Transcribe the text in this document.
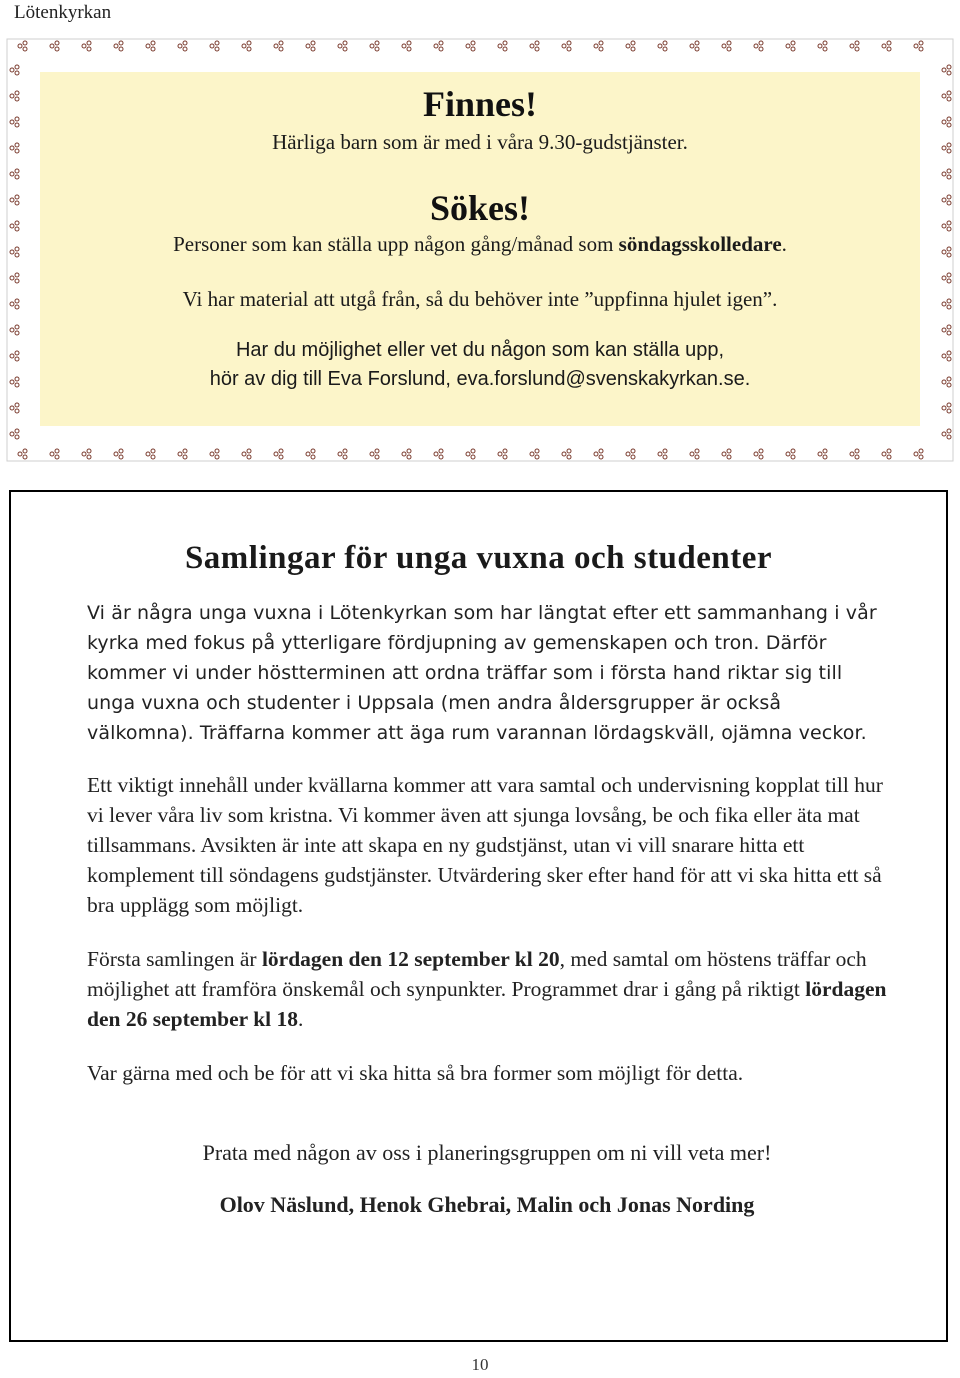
Lötenkyrkan

Finnes!

Härliga barn som är med i våra 9.30-gudstjänster.

Sökes!

Personer som kan ställa upp någon gång/månad som söndagsskolledare.

Vi har material att utgå från, så du behöver inte ”uppfinna hjulet igen”.

Har du möjlighet eller vet du någon som kan ställa upp,

hör av dig till Eva Forslund, eva.forslund@svenskakyrkan.se.

Samlingar för unga vuxna och studenter

Vi är några unga vuxna i Lötenkyrkan som har längtat efter ett sammanhang i vår kyrka med fokus på ytterligare fördjupning av gemenskapen och tron. Därför kommer vi under höstterminen att ordna träffar som i första hand riktar sig till unga vuxna och studenter i Uppsala (men andra åldersgrupper är också välkomna). Träffarna kommer att äga rum varannan lördagskväll, ojämna veckor.

Ett viktigt innehåll under kvällarna kommer att vara samtal och undervisning kopplat till hur vi lever våra liv som kristna. Vi kommer även att sjunga lovsång, be och fika eller äta mat tillsammans. Avsikten är inte att skapa en ny gudstjänst, utan vi vill snarare hitta ett komplement till söndagens gudstjänster. Utvärdering sker efter hand för att vi ska hitta ett så bra upplägg som möjligt.

Första samlingen är lördagen den 12 september kl 20, med samtal om höstens träffar och möjlighet att framföra önskemål och synpunkter. Programmet drar i gång på riktigt lördagen den 26 september kl 18.

Var gärna med och be för att vi ska hitta så bra former som möjligt för detta.

Prata med någon av oss i planeringsgruppen om ni vill veta mer!

Olov Näslund, Henok Ghebrai, Malin och Jonas Nording

10
